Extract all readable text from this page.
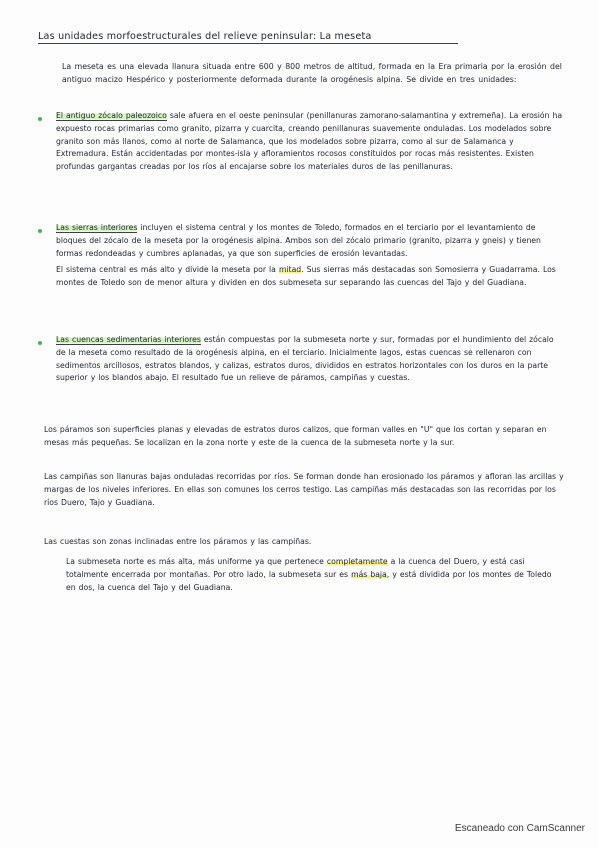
Las unidades morfoestructurales del relieve peninsular: La meseta
La meseta es una elevada llanura situada entre 600 y 800 metros de altitud, formada en la Era primaria por la erosión del antiguo macizo Hespérico y posteriormente deformada durante la orogénesis alpina. Se divide en tres unidades:

El antiguo zócalo paleozoico sale afuera en el oeste peninsular (penillanuras zamorano-salamantina y extremeña). La erosión ha expuesto rocas primarias como granito, pizarra y cuarcita, creando penillanuras suavemente onduladas. Los modelados sobre granito son más llanos, como al norte de Salamanca, que los modelados sobre pizarra, como al sur de Salamanca y Extremadura. Están accidentadas por montes-isla y afloramientos rocosos constituidos por rocas más resistentes. Existen profundas gargantas creadas por los ríos al encajarse sobre los materiales duros de las penillanuras.

Las sierras interiores incluyen el sistema central y los montes de Toledo, formados en el terciario por el levantamiento de bloques del zócalo de la meseta por la orogénesis alpina. Ambos son del zócalo primario (granito, pizarra y gneis) y tienen formas redondeadas y cumbres aplanadas, ya que son superficies de erosión levantadas.

El sistema central es más alto y divide la meseta por la mitad. Sus sierras más destacadas son Somosierra y Guadarrama. Los montes de Toledo son de menor altura y dividen en dos submeseta sur separando las cuencas del Tajo y del Guadiana.

Las cuencas sedimentarias interiores están compuestas por la submeseta norte y sur, formadas por el hundimiento del zócalo de la meseta como resultado de la orogénesis alpina, en el terciario. Inicialmente lagos, estas cuencas se rellenaron con sedimentos arcillosos, estratos blandos, y calizas, estratos duros, divididos en estratos horizontales con los duros en la parte superior y los blandos abajo. El resultado fue un relieve de páramos, campiñas y cuestas.

Los páramos son superficies planas y elevadas de estratos duros calizos, que forman valles en "U" que los cortan y separan en mesas más pequeñas. Se localizan en la zona norte y este de la cuenca de la submeseta norte y la sur.

Las campiñas son llanuras bajas onduladas recorridas por ríos. Se forman donde han erosionado los páramos y afloran las arcillas y margas de los niveles inferiores. En ellas son comunes los cerros testigo. Las campiñas más destacadas son las recorridas por los ríos Duero, Tajo y Guadiana.

Las cuestas son zonas inclinadas entre los páramos y las campiñas.

La submeseta norte es más alta, más uniforme ya que pertenece completamente a la cuenca del Duero, y está casi totalmente encerrada por montañas. Por otro lado, la submeseta sur es más baja, y está dividida por los montes de Toledo en dos, la cuenca del Tajo y del Guadiana.

Escaneado con CamScanner
